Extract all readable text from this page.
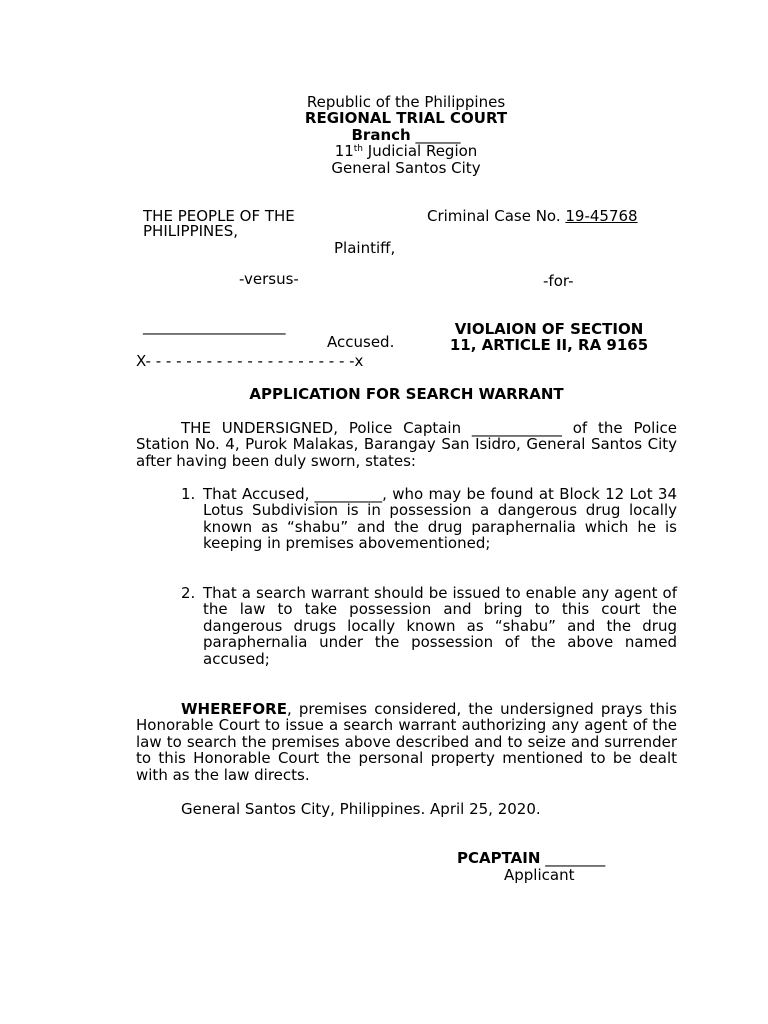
Republic of the Philippines
REGIONAL TRIAL COURT
Branch ______
11th Judicial Region
General Santos City
THE PEOPLE OF THE
PHILIPPINES,
Plaintiff,
-versus-
___________________
Accused.
X- - - - - - - - - - - - - - - - - - - - -x
Criminal Case No. 19-45768
-for-
VIOLAION OF SECTION
11, ARTICLE II, RA 9165
APPLICATION FOR SEARCH WARRANT
THE UNDERSIGNED, Police Captain ____________ of the Police Station No. 4, Purok Malakas, Barangay San Isidro, General Santos City after having been duly sworn, states:
1. That Accused, _________, who may be found at Block 12 Lot 34 Lotus Subdivision is in possession a dangerous drug locally known as “shabu” and the drug paraphernalia which he is keeping in premises abovementioned;
2. That a search warrant should be issued to enable any agent of the law to take possession and bring to this court the dangerous drugs locally known as “shabu” and the drug paraphernalia under the possession of the above named accused;
WHEREFORE, premises considered, the undersigned prays this Honorable Court to issue a search warrant authorizing any agent of the law to search the premises above described and to seize and surrender to this Honorable Court the personal property mentioned to be dealt with as the law directs.
General Santos City, Philippines. April 25, 2020.
PCAPTAIN ________
Applicant
